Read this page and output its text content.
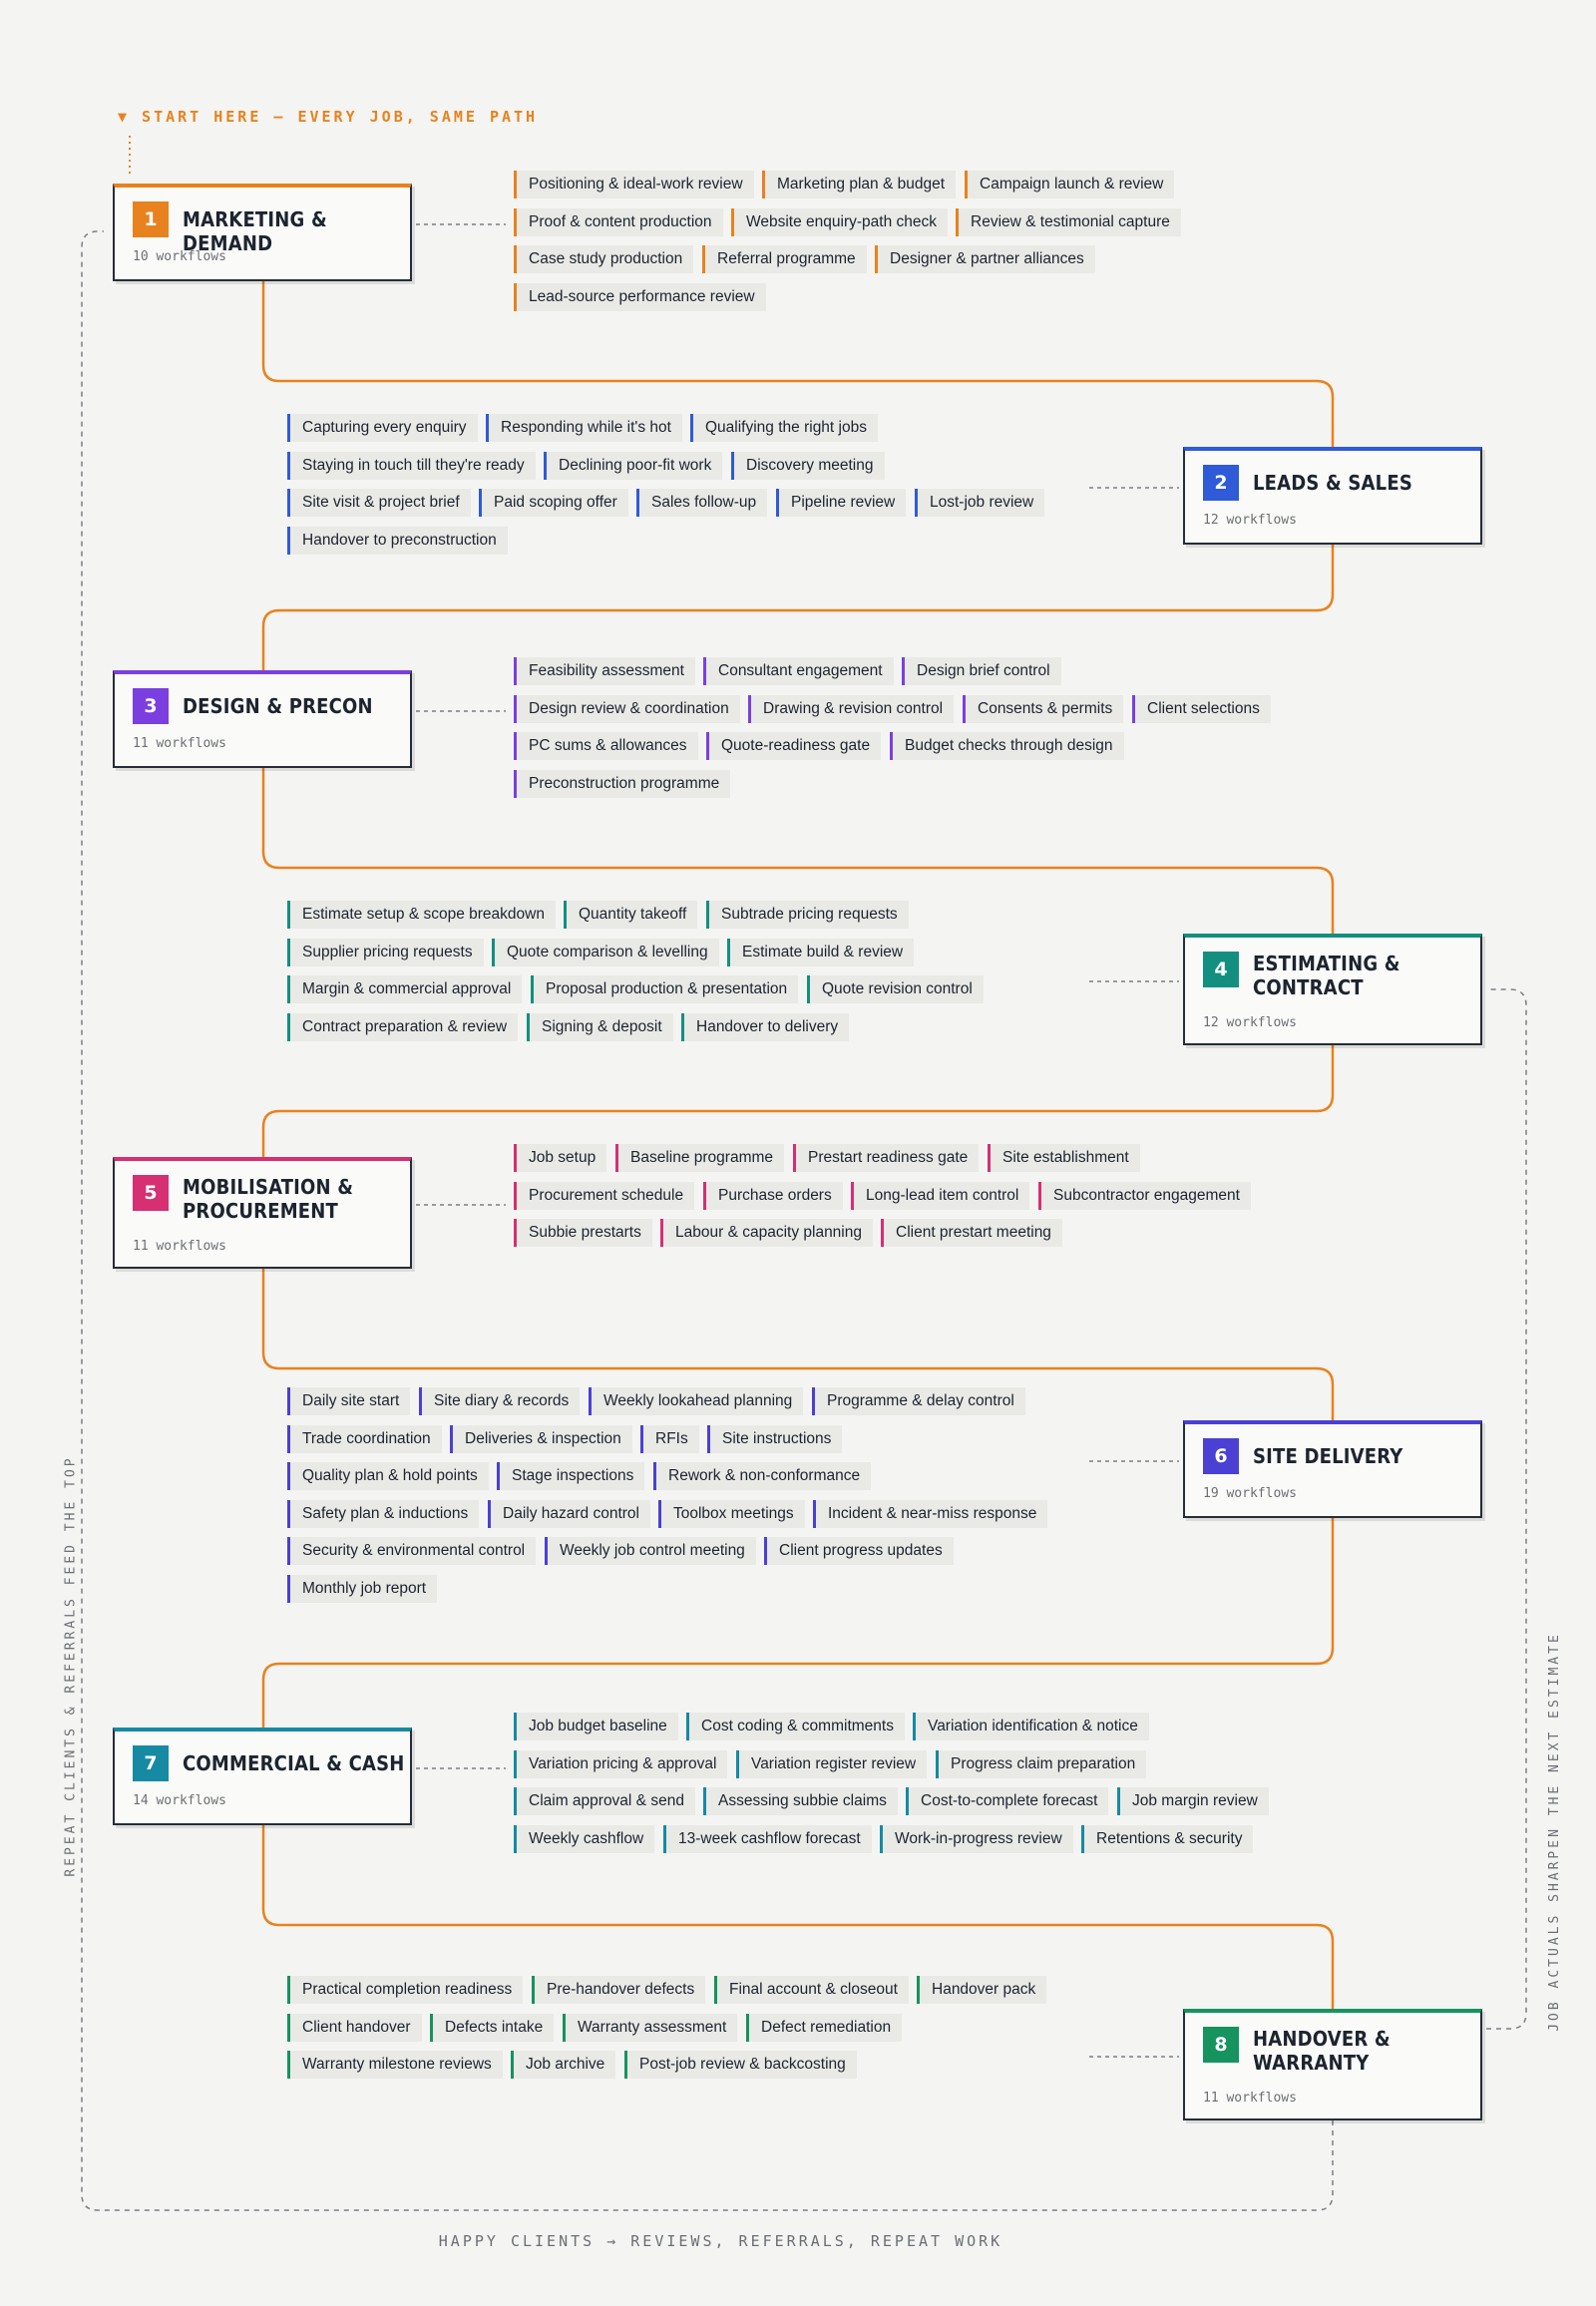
▼ START HERE — EVERY JOB, SAME PATH
HAPPY CLIENTS → REVIEWS, REFERRALS, REPEAT WORK
REPEAT CLIENTS & REFERRALS FEED THE TOP	JOB ACTUALS SHARPEN THE NEXT ESTIMATE
1	MARKETING & DEMAND
10 workflows
Positioning & ideal-work review	Marketing plan & budget	Campaign launch & review
Proof & content production	Website enquiry-path check	Review & testimonial capture
Case study production	Referral programme	Designer & partner alliances
Lead-source performance review
2	LEADS & SALES
12 workflows
Capturing every enquiry	Responding while it's hot	Qualifying the right jobs
Staying in touch till they're ready	Declining poor-fit work	Discovery meeting
Site visit & project brief	Paid scoping offer	Sales follow-up	Pipeline review	Lost-job review
Handover to preconstruction
3	DESIGN & PRECON
11 workflows
Feasibility assessment	Consultant engagement	Design brief control
Design review & coordination	Drawing & revision control	Consents & permits	Client selections
PC sums & allowances	Quote-readiness gate	Budget checks through design
Preconstruction programme
4	ESTIMATING &
CONTRACT
12 workflows
Estimate setup & scope breakdown	Quantity takeoff	Subtrade pricing requests
Supplier pricing requests	Quote comparison & levelling	Estimate build & review
Margin & commercial approval	Proposal production & presentation	Quote revision control
Contract preparation & review	Signing & deposit	Handover to delivery
5	MOBILISATION &
PROCUREMENT
11 workflows
Job setup	Baseline programme	Prestart readiness gate	Site establishment
Procurement schedule	Purchase orders	Long-lead item control	Subcontractor engagement
Subbie prestarts	Labour & capacity planning	Client prestart meeting
6	SITE DELIVERY
19 workflows
Daily site start	Site diary & records	Weekly lookahead planning	Programme & delay control
Trade coordination	Deliveries & inspection	RFIs	Site instructions
Quality plan & hold points	Stage inspections	Rework & non-conformance
Safety plan & inductions	Daily hazard control	Toolbox meetings	Incident & near-miss response
Security & environmental control	Weekly job control meeting	Client progress updates
Monthly job report
7	COMMERCIAL & CASH
14 workflows
Job budget baseline	Cost coding & commitments	Variation identification & notice
Variation pricing & approval	Variation register review	Progress claim preparation
Claim approval & send	Assessing subbie claims	Cost-to-complete forecast	Job margin review
Weekly cashflow	13-week cashflow forecast	Work-in-progress review	Retentions & security
8	HANDOVER &
WARRANTY
11 workflows
Practical completion readiness	Pre-handover defects	Final account & closeout	Handover pack
Client handover	Defects intake	Warranty assessment	Defect remediation
Warranty milestone reviews	Job archive	Post-job review & backcosting
